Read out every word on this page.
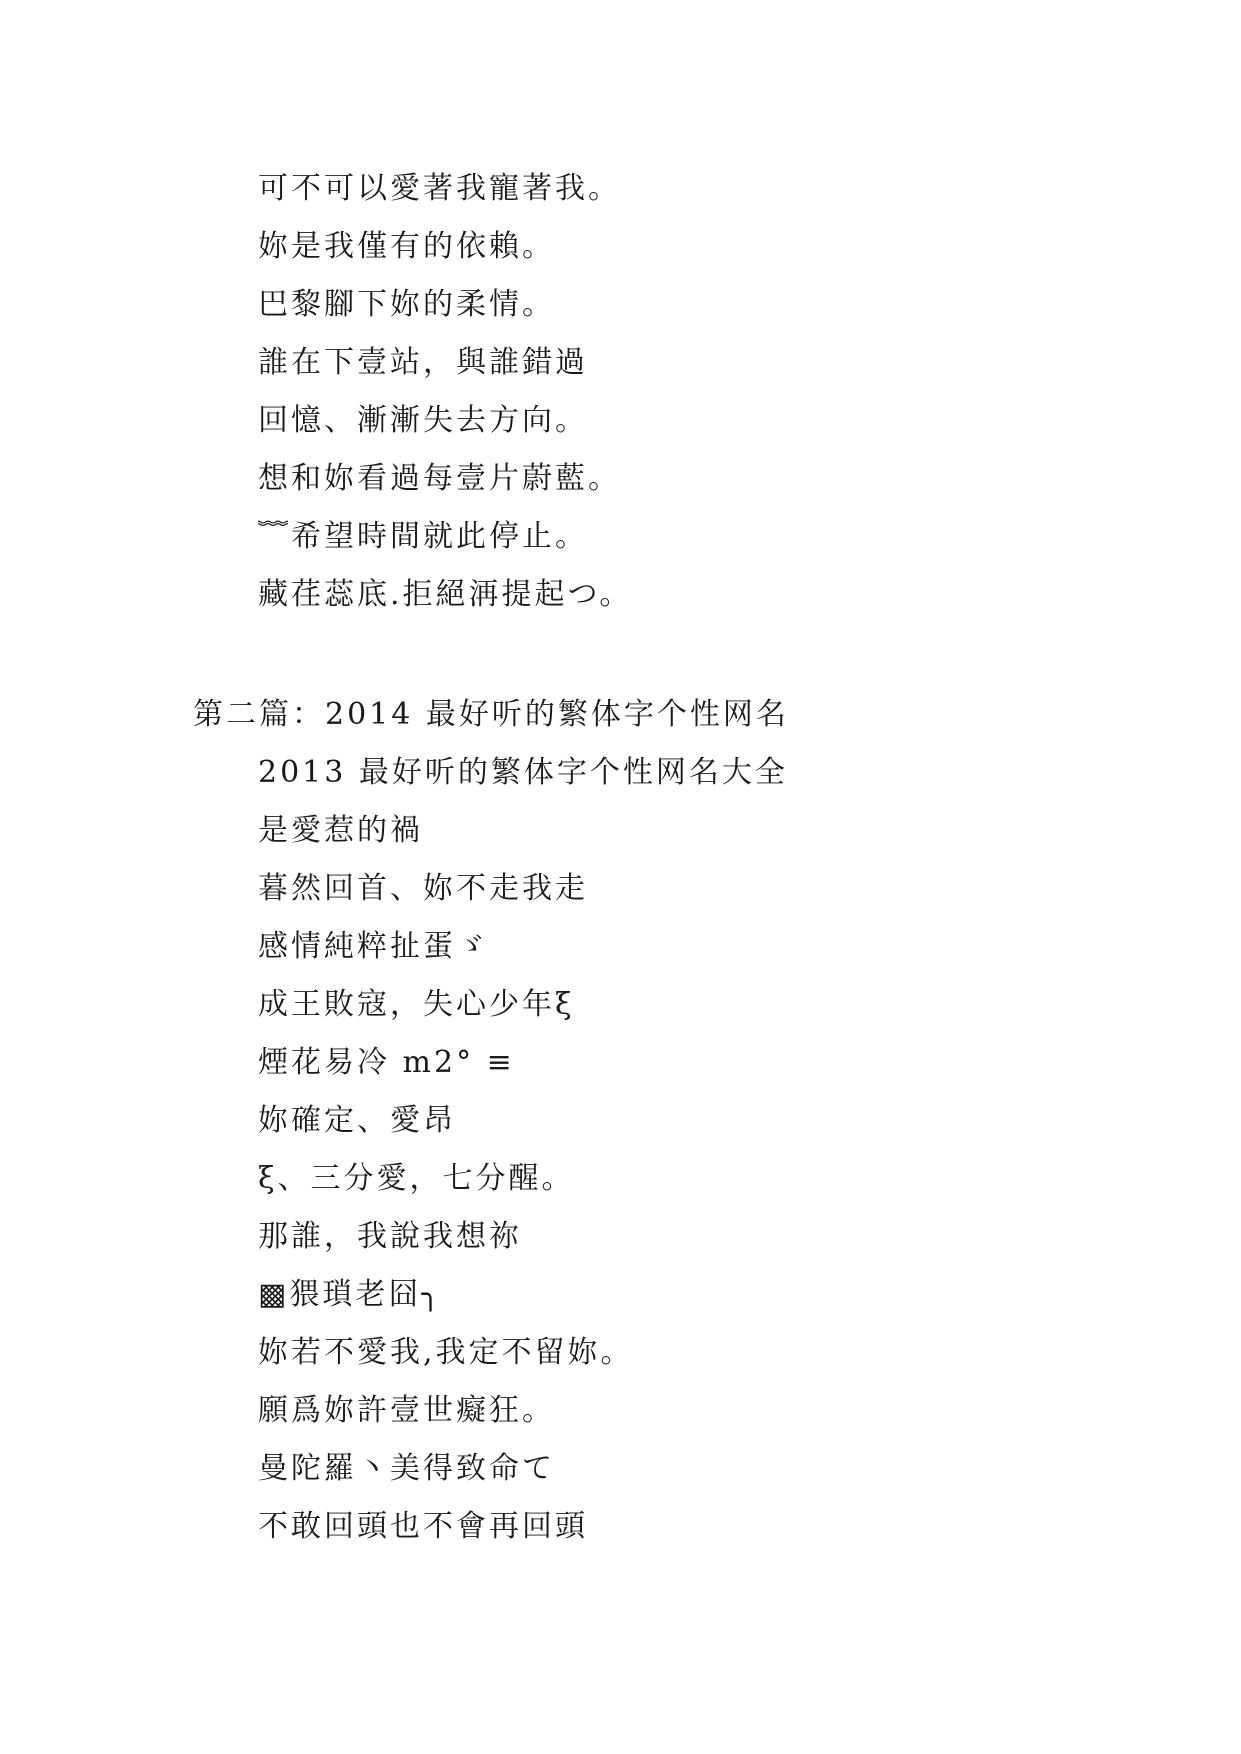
可不可以愛著我寵著我。
妳是我僅有的依賴。
巴黎腳下妳的柔情。
誰在下壹站，與誰錯過
回憶、漸漸失去方向。
想和妳看過每壹片蔚藍。
﹌希望時間就此停止。
藏荏蕊底.拒絕洅提起つ。
第二篇：2014 最好听的繁体字个性网名
2013 最好听的繁体字个性网名大全
是愛惹的禍
暮然回首、妳不走我走
感情純粹扯蛋ゞ
成王敗寇，失心少年ξ
煙花易冷 m2° ≡
妳確定、愛昂
ξ、三分愛，七分醒。
那誰，我說我想祢
▩猥瑣老囧╮
妳若不愛我,我定不留妳。
願爲妳許壹世癡狂。
曼陀羅丶美得致命て
不敢回頭也不會再回頭
